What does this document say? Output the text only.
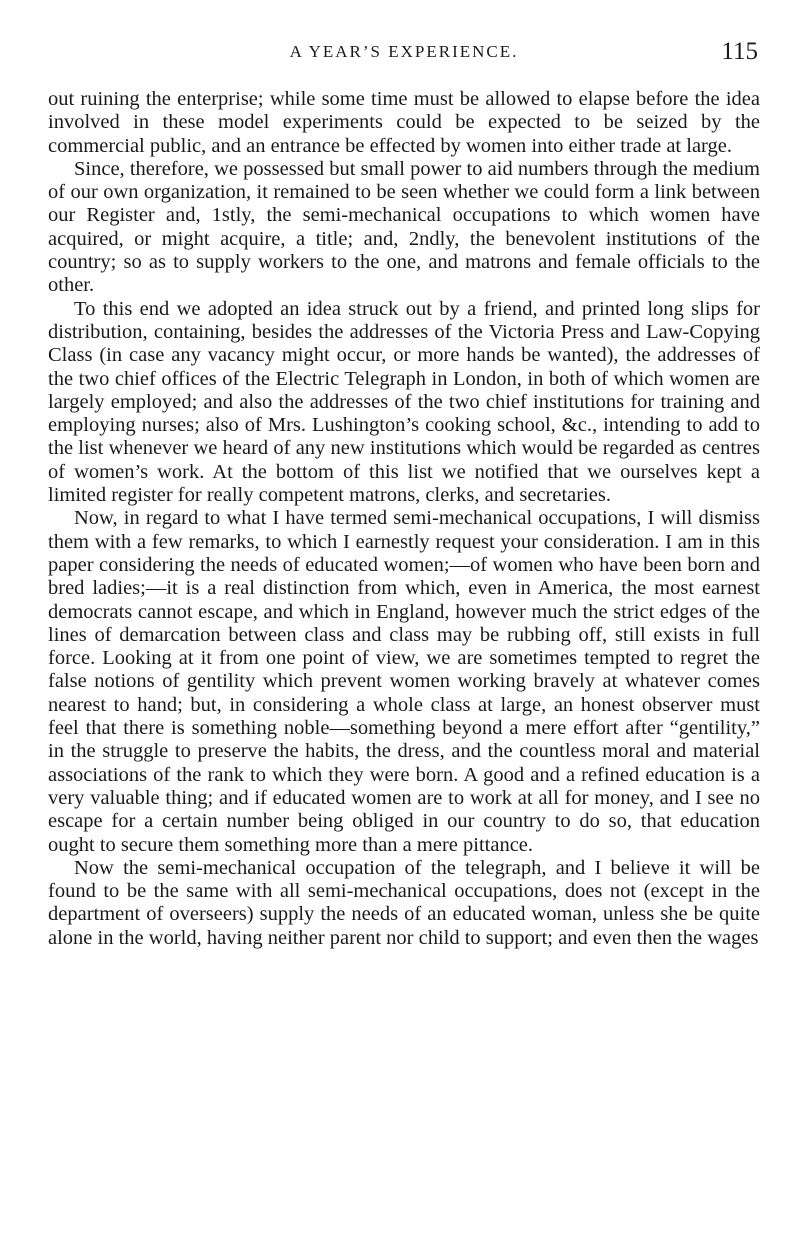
A YEAR’S EXPERIENCE.	115

out ruining the enterprise; while some time must be allowed to elapse before the idea involved in these model experiments could be expected to be seized by the commercial public, and an entrance be effected by women into either trade at large.

Since, therefore, we possessed but small power to aid numbers through the medium of our own organization, it remained to be seen whether we could form a link between our Register and, 1stly, the semi-mechanical occupations to which women have acquired, or might acquire, a title; and, 2ndly, the benevolent institutions of the country; so as to supply workers to the one, and matrons and female officials to the other.

To this end we adopted an idea struck out by a friend, and printed long slips for distribution, containing, besides the addresses of the Victoria Press and Law-Copying Class (in case any vacancy might occur, or more hands be wanted), the addresses of the two chief offices of the Electric Telegraph in London, in both of which women are largely employed; and also the addresses of the two chief institutions for training and employing nurses; also of Mrs. Lushington’s cooking school, &c., intending to add to the list whenever we heard of any new institutions which would be regarded as centres of women’s work. At the bottom of this list we notified that we ourselves kept a limited register for really competent matrons, clerks, and secretaries.

Now, in regard to what I have termed semi-mechanical occupations, I will dismiss them with a few remarks, to which I earnestly request your consideration. I am in this paper considering the needs of educated women;—of women who have been born and bred ladies;—it is a real distinction from which, even in America, the most earnest democrats cannot escape, and which in England, however much the strict edges of the lines of demarcation between class and class may be rubbing off, still exists in full force. Looking at it from one point of view, we are sometimes tempted to regret the false notions of gentility which prevent women working bravely at whatever comes nearest to hand; but, in considering a whole class at large, an honest observer must feel that there is something noble—something beyond a mere effort after “gentility,” in the struggle to preserve the habits, the dress, and the countless moral and material associations of the rank to which they were born. A good and a refined education is a very valuable thing; and if educated women are to work at all for money, and I see no escape for a certain number being obliged in our country to do so, that education ought to secure them something more than a mere pittance.

Now the semi-mechanical occupation of the telegraph, and I believe it will be found to be the same with all semi-mechanical occupations, does not (except in the department of overseers) supply the needs of an educated woman, unless she be quite alone in the world, having neither parent nor child to support; and even then the wages
